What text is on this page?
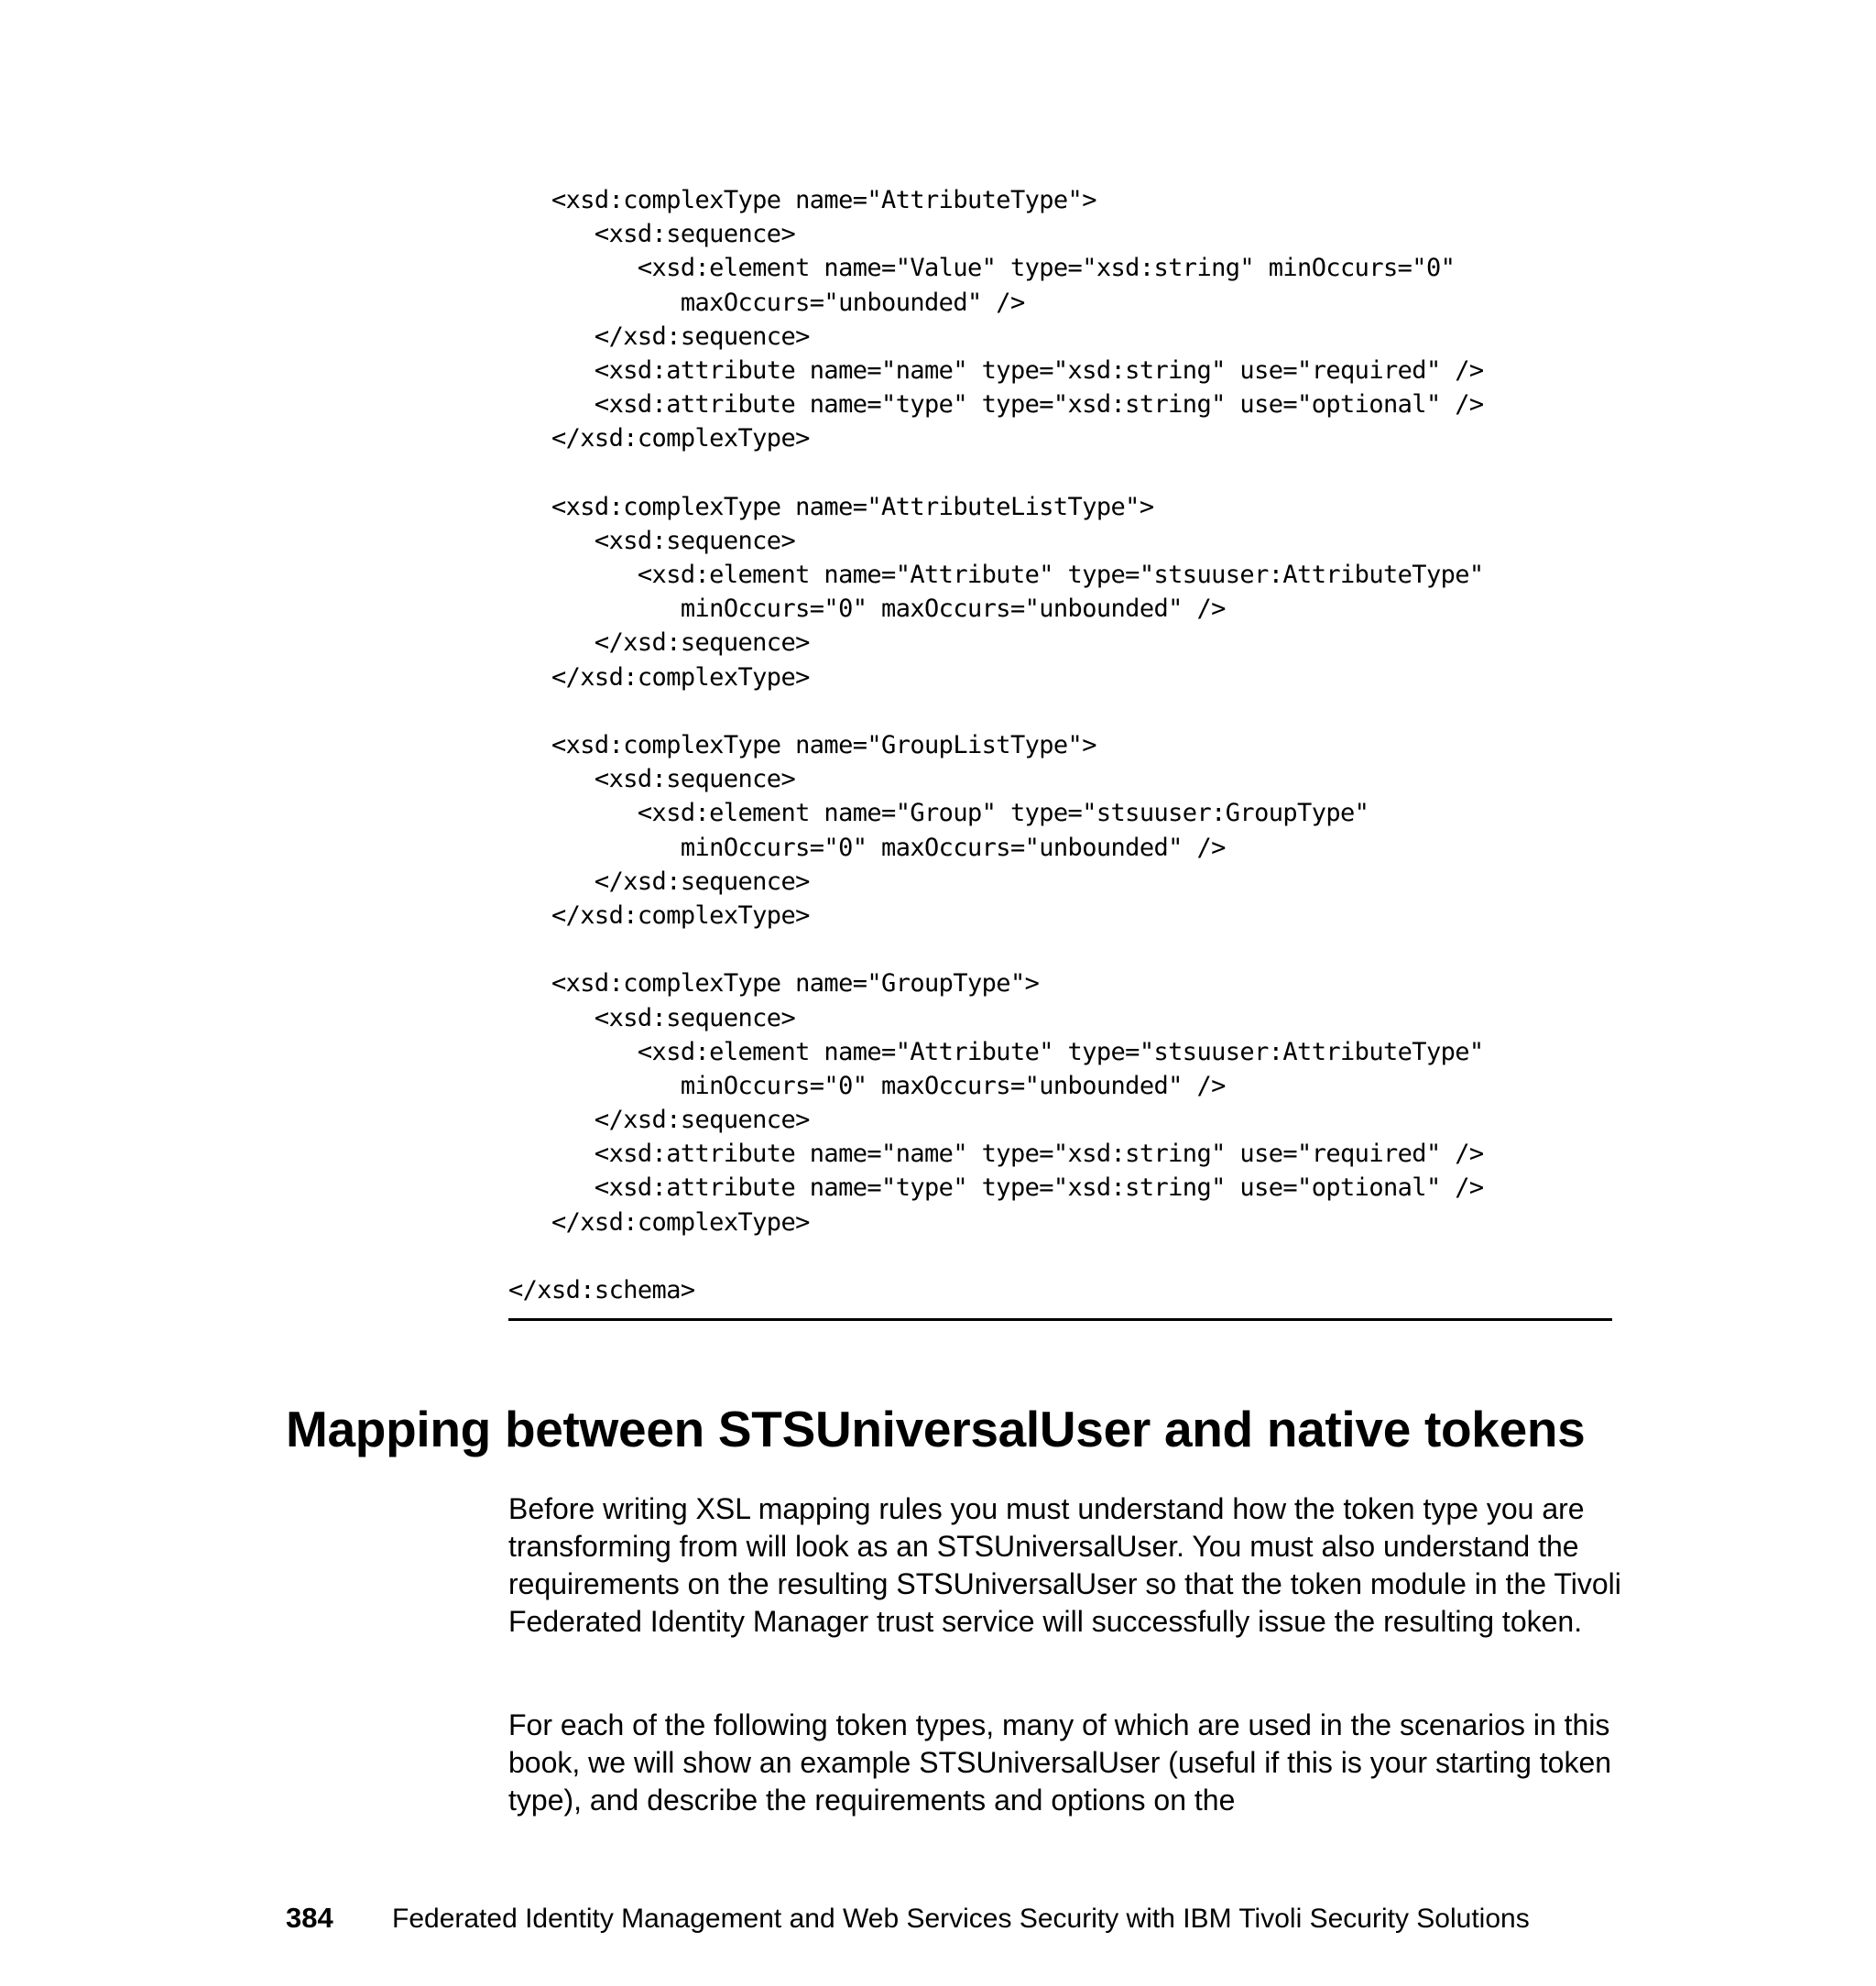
<xsd:complexType name="AttributeType">
<xsd:sequence>
<xsd:element name="Value" type="xsd:string" minOccurs="0"
maxOccurs="unbounded" />
</xsd:sequence>
<xsd:attribute name="name" type="xsd:string" use="required" />
<xsd:attribute name="type" type="xsd:string" use="optional" />
</xsd:complexType>
<xsd:complexType name="AttributeListType">
<xsd:sequence>
<xsd:element name="Attribute" type="stsuuser:AttributeType"
minOccurs="0" maxOccurs="unbounded" />
</xsd:sequence>
</xsd:complexType>
<xsd:complexType name="GroupListType">
<xsd:sequence>
<xsd:element name="Group" type="stsuuser:GroupType"
minOccurs="0" maxOccurs="unbounded" />
</xsd:sequence>
</xsd:complexType>
<xsd:complexType name="GroupType">
<xsd:sequence>
<xsd:element name="Attribute" type="stsuuser:AttributeType"
minOccurs="0" maxOccurs="unbounded" />
</xsd:sequence>
<xsd:attribute name="name" type="xsd:string" use="required" />
<xsd:attribute name="type" type="xsd:string" use="optional" />
</xsd:complexType>
</xsd:schema>
Mapping between STSUniversalUser and native tokens

Before writing XSL mapping rules you must understand how the token type you are transforming from will look as an STSUniversalUser. You must also understand the requirements on the resulting STSUniversalUser so that the token module in the Tivoli Federated Identity Manager trust service will successfully issue the resulting token.

For each of the following token types, many of which are used in the scenarios in this book, we will show an example STSUniversalUser (useful if this is your starting token type), and describe the requirements and options on the

384 Federated Identity Management and Web Services Security with IBM Tivoli Security Solutions
